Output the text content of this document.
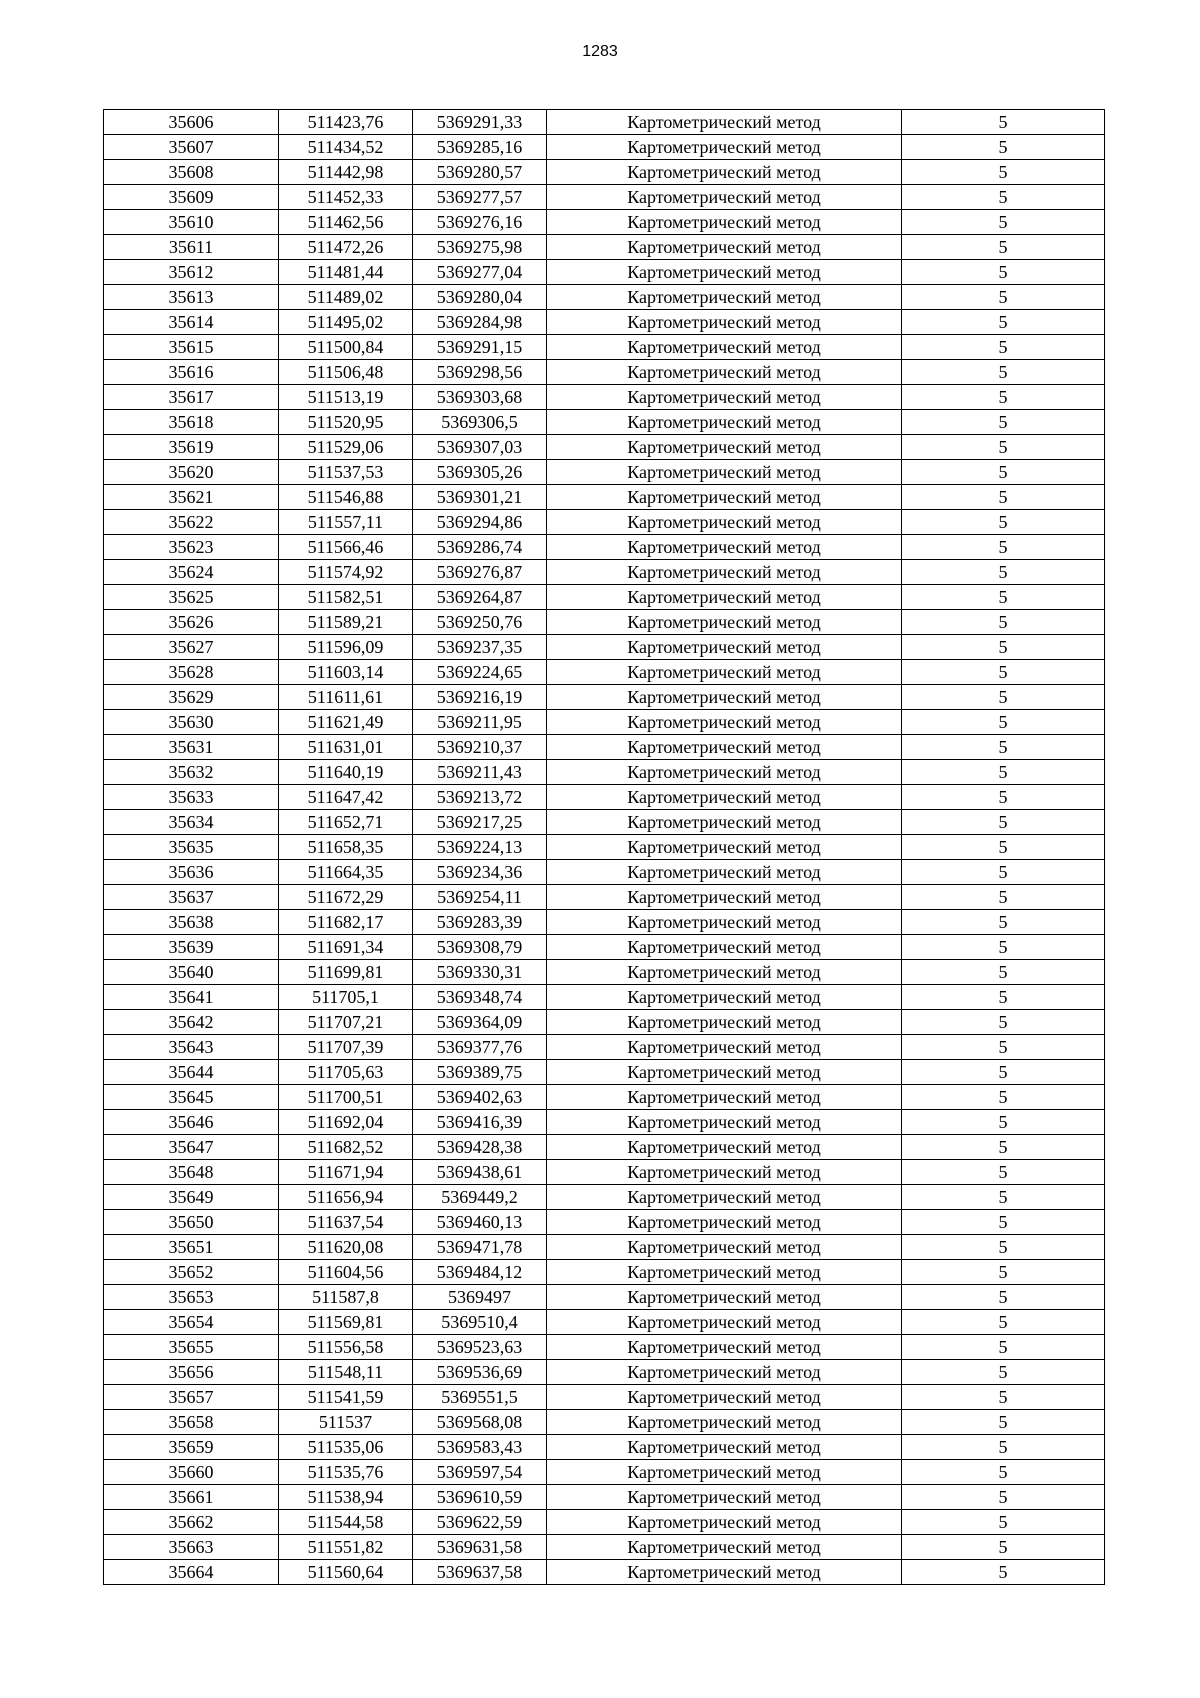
1283
35606	511423,76	5369291,33	Картометрический метод	5
35607	511434,52	5369285,16	Картометрический метод	5
35608	511442,98	5369280,57	Картометрический метод	5
35609	511452,33	5369277,57	Картометрический метод	5
35610	511462,56	5369276,16	Картометрический метод	5
35611	511472,26	5369275,98	Картометрический метод	5
35612	511481,44	5369277,04	Картометрический метод	5
35613	511489,02	5369280,04	Картометрический метод	5
35614	511495,02	5369284,98	Картометрический метод	5
35615	511500,84	5369291,15	Картометрический метод	5
35616	511506,48	5369298,56	Картометрический метод	5
35617	511513,19	5369303,68	Картометрический метод	5
35618	511520,95	5369306,5	Картометрический метод	5
35619	511529,06	5369307,03	Картометрический метод	5
35620	511537,53	5369305,26	Картометрический метод	5
35621	511546,88	5369301,21	Картометрический метод	5
35622	511557,11	5369294,86	Картометрический метод	5
35623	511566,46	5369286,74	Картометрический метод	5
35624	511574,92	5369276,87	Картометрический метод	5
35625	511582,51	5369264,87	Картометрический метод	5
35626	511589,21	5369250,76	Картометрический метод	5
35627	511596,09	5369237,35	Картометрический метод	5
35628	511603,14	5369224,65	Картометрический метод	5
35629	511611,61	5369216,19	Картометрический метод	5
35630	511621,49	5369211,95	Картометрический метод	5
35631	511631,01	5369210,37	Картометрический метод	5
35632	511640,19	5369211,43	Картометрический метод	5
35633	511647,42	5369213,72	Картометрический метод	5
35634	511652,71	5369217,25	Картометрический метод	5
35635	511658,35	5369224,13	Картометрический метод	5
35636	511664,35	5369234,36	Картометрический метод	5
35637	511672,29	5369254,11	Картометрический метод	5
35638	511682,17	5369283,39	Картометрический метод	5
35639	511691,34	5369308,79	Картометрический метод	5
35640	511699,81	5369330,31	Картометрический метод	5
35641	511705,1	5369348,74	Картометрический метод	5
35642	511707,21	5369364,09	Картометрический метод	5
35643	511707,39	5369377,76	Картометрический метод	5
35644	511705,63	5369389,75	Картометрический метод	5
35645	511700,51	5369402,63	Картометрический метод	5
35646	511692,04	5369416,39	Картометрический метод	5
35647	511682,52	5369428,38	Картометрический метод	5
35648	511671,94	5369438,61	Картометрический метод	5
35649	511656,94	5369449,2	Картометрический метод	5
35650	511637,54	5369460,13	Картометрический метод	5
35651	511620,08	5369471,78	Картометрический метод	5
35652	511604,56	5369484,12	Картометрический метод	5
35653	511587,8	5369497	Картометрический метод	5
35654	511569,81	5369510,4	Картометрический метод	5
35655	511556,58	5369523,63	Картометрический метод	5
35656	511548,11	5369536,69	Картометрический метод	5
35657	511541,59	5369551,5	Картометрический метод	5
35658	511537	5369568,08	Картометрический метод	5
35659	511535,06	5369583,43	Картометрический метод	5
35660	511535,76	5369597,54	Картометрический метод	5
35661	511538,94	5369610,59	Картометрический метод	5
35662	511544,58	5369622,59	Картометрический метод	5
35663	511551,82	5369631,58	Картометрический метод	5
35664	511560,64	5369637,58	Картометрический метод	5
